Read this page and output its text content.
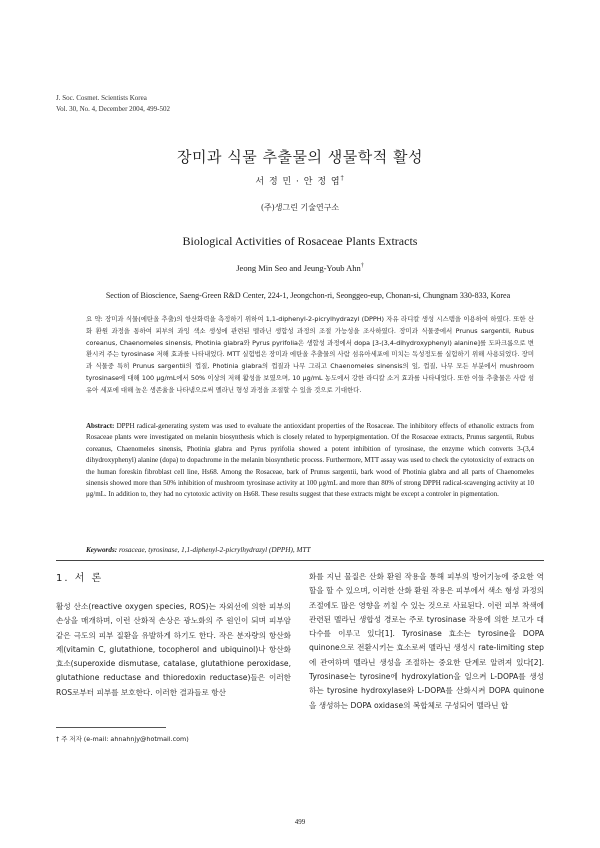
J. Soc. Cosmet. Scientists Korea
Vol. 30, No. 4, December 2004, 499-502
장미과 식물 추출물의 생물학적 활성
서 정 민 · 안 정 엽†
(주)생그린 기술연구소
Biological Activities of Rosaceae Plants Extracts
Jeong Min Seo and Jeung-Youb Ahn†
Section of Bioscience, Saeng-Green R&D Center, 224-1, Jeongchon-ri, Seonggeo-eup, Chonan-si, Chungnam 330-833, Korea
요 약: 장미과 식물(에탄올 추출)의 항산화력을 측정하기 위하여 1,1-diphenyl-2-picrylhydrazyl (DPPH) 자유 라디칼 생성 시스템을 이용하여 하였다. 또한 산화 환원 과정을 통하여 피부의 과잉 색소 생성에 관련된 멜라닌 생합성 과정의 조절 가능성을 조사하였다. 장미과 식물중에서 Prunus sargentii, Rubus coreanus, Chaenomeles sinensis, Photinia glabra와 Pyrus pyrifolia은 생합성 과정에서 dopa [3-(3,4-dihydroxyphenyl) alanine]를 도파크롬으로 변환시켜 주는 tyrosinase 저해 효과를 나타내었다. MTT 실험법은 장미과 에탄올 추출물의 사람 섬유아세포에 미치는 독성정도를 실험하기 위해 사용되었다. 장미과 식물중 특히 Prunus sargentii의 껍질, Photinia glabra의 껍질과 나무 그리고 Chaenomeles sinensis의 잎, 껍질, 나무 모든 부분에서 mushroom tyrosinase에 대해 100 μg/mL에서 50% 이상의 저해 활성을 보였으며, 10 μg/mL 농도에서 강한 라디칼 소거 효과를 나타내었다. 또한 이들 추출물은 사람 섬유아 세포에 대해 높은 생존율을 나타냄으로써 멜라닌 형성 과정을 조절할 수 있을 것으로 기대한다.
Abstract: DPPH radical-generating system was used to evaluate the antioxidant properties of the Rosaceae. The inhibitory effects of ethanolic extracts from Rosaceae plants were investigated on melanin biosynthesis which is closely related to hyperpigmentation. Of the Rosaceae extracts, Prunus sargentii, Rubus coreanus, Chaenomeles sinensis, Photinia glabra and Pyrus pyrifolia showed a potent inhibition of tyrosinase, the enzyme which converts 3-(3,4 dihydroxyphenyl) alanine (dopa) to dopachrome in the melanin biosynthetic process. Furthermore, MTT assay was used to check the cytotoxicity of extracts on the human foreskin fibroblast cell line, Hs68. Among the Rosaceae, bark of Prunus sargentii, bark wood of Photinia glabra and all parts of Chaenomeles sinensis showed more than 50% inhibition of mushroom tyrosinase activity at 100 μg/mL and more than 80% of strong DPPH radical-scavenging activity at 10 μg/mL. In addition to, they had no cytotoxic activity on Hs68. These results suggest that these extracts might be except a controler in pigmentation.
Keywords: rosaceae, tyrosinase, 1,1-diphenyl-2-picrylhydrazyl (DPPH), MTT
1. 서 론
활성 산소(reactive oxygen species, ROS)는 자외선에 의한 피부의 손상을 매개하며, 이런 산화적 손상은 광노화의 주 원인이 되며 피부암 같은 극도의 피부 질환을 유발하게 하기도 한다. 작은 분자량의 항산화제(vitamin C, glutathione, tocopherol and ubiquinol)나 항산화 효소(superoxide dismutase, catalase, glutathione peroxidase, glutathione reductase and thioredoxin reductase)들은 이러한 ROS로부터 피부를 보호한다. 이러한 결과들로 항산
화를 지닌 물질은 산화 환원 작용을 통해 피부의 방어기능에 중요한 역할을 할 수 있으며, 이러한 산화 환원 작용은 피부에서 색소 형성 과정의 조절에도 많은 영향을 끼칠 수 있는 것으로 사료된다. 이런 피부 착색에 관련된 멜라닌 생합성 경로는 주로 tyrosinase 작용에 의한 보고가 대다수를 이루고 있다[1]. Tyrosinase 효소는 tyrosine을 DOPA quinone으로 전환시키는 효소로써 멜라닌 생성시 rate-limiting step에 관여하며 멜라닌 생성을 조절하는 중요한 단계로 알려져 있다[2]. Tyrosinase는 tyrosine에 hydroxylation을 일으켜 L-DOPA를 생성하는 tyrosine hydroxylase와 L-DOPA를 산화시켜 DOPA quinone을 생성하는 DOPA oxidase의 복합체로 구성되어 멜라닌 합
† 주 저자 (e-mail: ahnahnjy@hotmail.com)
499
